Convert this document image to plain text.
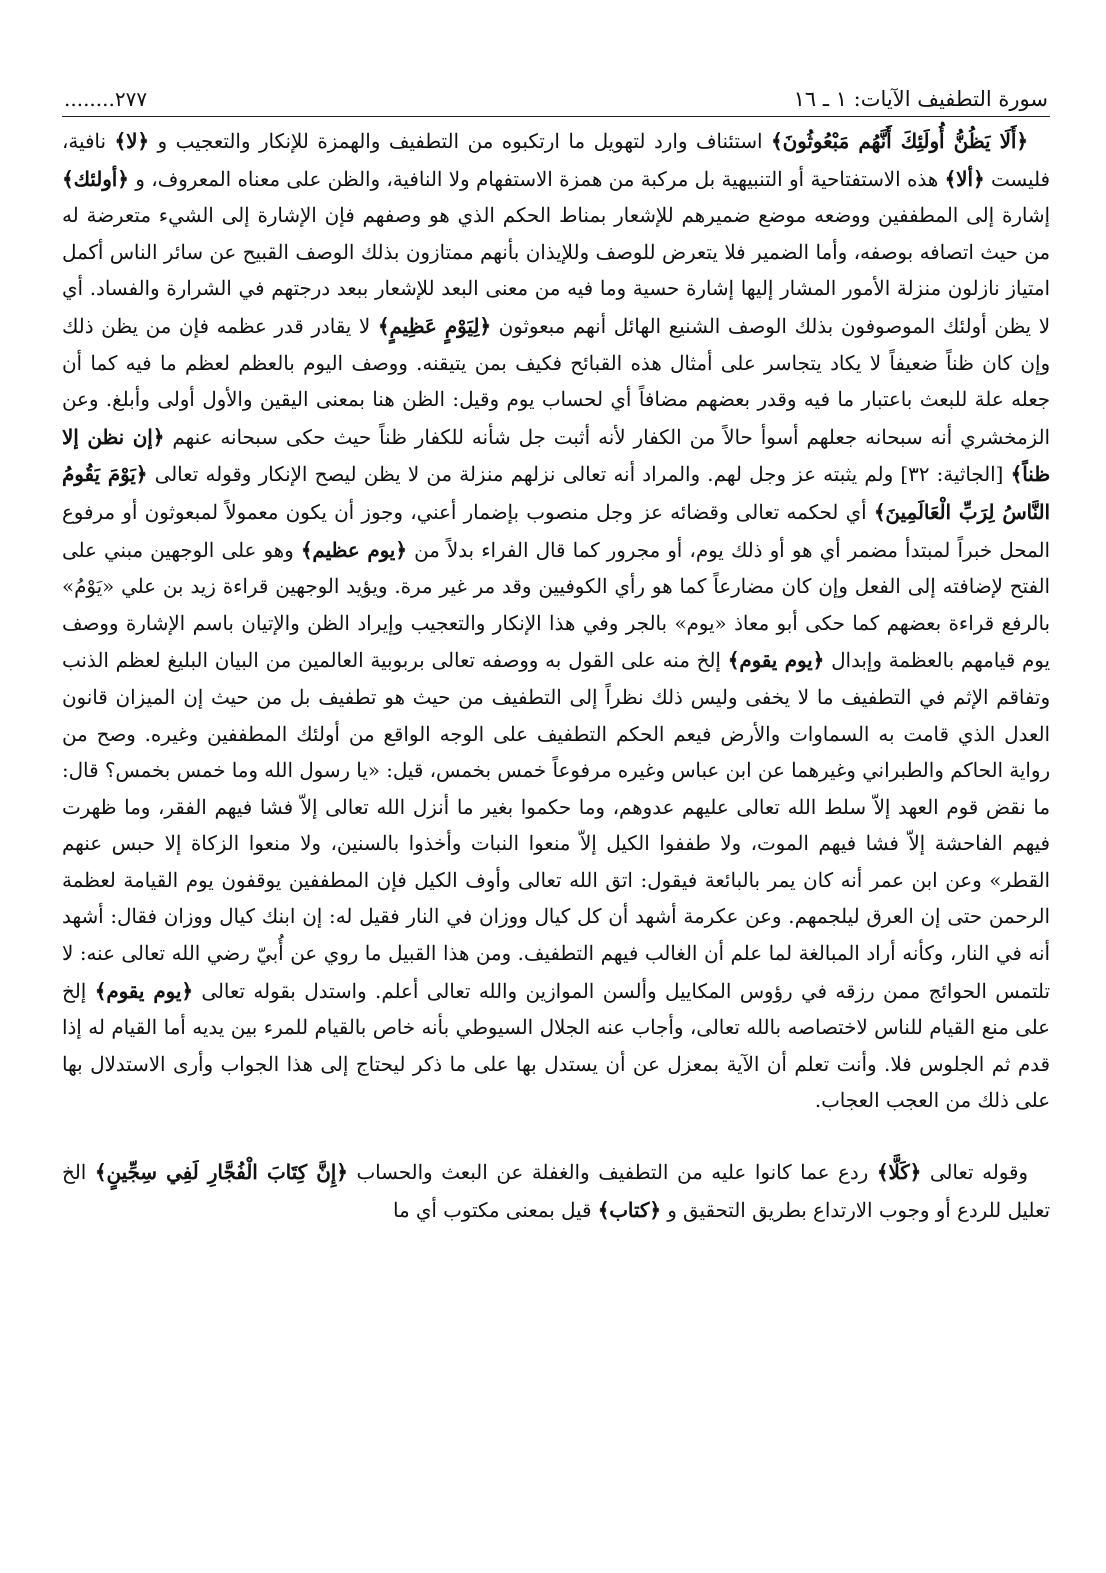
سورة التطفيف الآيات: ١ ـ ١٦
........٢٧٧

﴿أَلَا يَظُنُّ أُولَئِكَ أَنَّهُم مَبْعُوثُونَ﴾ استئناف وارد لتهويل ما ارتكبوه من التطفيف والهمزة للإنكار والتعجيب و ﴿لا﴾ نافية، فليست ﴿ألا﴾ هذه الاستفتاحية أو التنبيهية بل مركبة من همزة الاستفهام ولا النافية، والظن على معناه المعروف، و ﴿أولئك﴾ إشارة إلى المطففين ووضعه موضع ضميرهم للإشعار بمناط الحكم الذي هو وصفهم فإن الإشارة إلى الشيء متعرضة له من حيث اتصافه بوصفه، وأما الضمير فلا يتعرض للوصف وللإيذان بأنهم ممتازون بذلك الوصف القبيح عن سائر الناس أكمل امتياز نازلون منزلة الأمور المشار إليها إشارة حسية وما فيه من معنى البعد للإشعار ببعد درجتهم في الشرارة والفساد. أي لا يظن أولئك الموصوفون بذلك الوصف الشنيع الهائل أنهم مبعوثون ﴿لِيَوْمٍ عَظِيمٍ﴾ لا يقادر قدر عظمه فإن من يظن ذلك وإن كان ظناً ضعيفاً لا يكاد يتجاسر على أمثال هذه القبائح فكيف بمن يتيقنه. ووصف اليوم بالعظم لعظم ما فيه كما أن جعله علة للبعث باعتبار ما فيه وقدر بعضهم مضافاً أي لحساب يوم وقيل: الظن هنا بمعنى اليقين والأول أولى وأبلغ. وعن الزمخشري أنه سبحانه جعلهم أسوأ حالاً من الكفار لأنه أثبت جل شأنه للكفار ظناً حيث حكى سبحانه عنهم ﴿إن نظن إلا ظناً﴾ [الجاثية: ٣٢] ولم يثبته عز وجل لهم. والمراد أنه تعالى نزلهم منزلة من لا يظن ليصح الإنكار وقوله تعالى ﴿يَوْمَ يَقُومُ النَّاسُ لِرَبِّ الْعَالَمِينَ﴾ أي لحكمه تعالى وقضائه عز وجل منصوب بإضمار أعني، وجوز أن يكون معمولاً لمبعوثون أو مرفوع المحل خبراً لمبتدأ مضمر أي هو أو ذلك يوم، أو مجرور كما قال الفراء بدلاً من ﴿يوم عظيم﴾ وهو على الوجهين مبني على الفتح لإضافته إلى الفعل وإن كان مضارعاً كما هو رأي الكوفيين وقد مر غير مرة. ويؤيد الوجهين قراءة زيد بن علي «يَوْمُ» بالرفع قراءة بعضهم كما حكى أبو معاذ «يوم» بالجر وفي هذا الإنكار والتعجيب وإيراد الظن والإتيان باسم الإشارة ووصف يوم قيامهم بالعظمة وإبدال ﴿يوم يقوم﴾ إلخ منه على القول به ووصفه تعالى بربوبية العالمين من البيان البليغ لعظم الذنب وتفاقم الإثم في التطفيف ما لا يخفى وليس ذلك نظراً إلى التطفيف من حيث هو تطفيف بل من حيث إن الميزان قانون العدل الذي قامت به السماوات والأرض فيعم الحكم التطفيف على الوجه الواقع من أولئك المطففين وغيره. وصح من رواية الحاكم والطبراني وغيرهما عن ابن عباس وغيره مرفوعاً خمس بخمس، قيل: «يا رسول الله وما خمس بخمس؟ قال: ما نقض قوم العهد إلاّ سلط الله تعالى عليهم عدوهم، وما حكموا بغير ما أنزل الله تعالى إلاّ فشا فيهم الفقر، وما ظهرت فيهم الفاحشة إلاّ فشا فيهم الموت، ولا طففوا الكيل إلاّ منعوا النبات وأخذوا بالسنين، ولا منعوا الزكاة إلا حبس عنهم القطر» وعن ابن عمر أنه كان يمر بالبائعة فيقول: اتق الله تعالى وأوف الكيل فإن المطففين يوقفون يوم القيامة لعظمة الرحمن حتى إن العرق ليلجمهم. وعن عكرمة أشهد أن كل كيال ووزان في النار فقيل له: إن ابنك كيال ووزان فقال: أشهد أنه في النار، وكأنه أراد المبالغة لما علم أن الغالب فيهم التطفيف. ومن هذا القبيل ما روي عن أُبيّ رضي الله تعالى عنه: لا تلتمس الحوائج ممن رزقه في رؤوس المكاييل وألسن الموازين والله تعالى أعلم. واستدل بقوله تعالى ﴿يوم يقوم﴾ إلخ على منع القيام للناس لاختصاصه بالله تعالى، وأجاب عنه الجلال السيوطي بأنه خاص بالقيام للمرء بين يديه أما القيام له إذا قدم ثم الجلوس فلا. وأنت تعلم أن الآية بمعزل عن أن يستدل بها على ما ذكر ليحتاج إلى هذا الجواب وأرى الاستدلال بها على ذلك من العجب العجاب.

وقوله تعالى ﴿كَلَّا﴾ ردع عما كانوا عليه من التطفيف والغفلة عن البعث والحساب ﴿إِنَّ كِتَابَ الْفُجَّارِ لَفِي سِجِّينٍ﴾ الخ تعليل للردع أو وجوب الارتداع بطريق التحقيق و ﴿كتاب﴾ قيل بمعنى مكتوب أي ما
